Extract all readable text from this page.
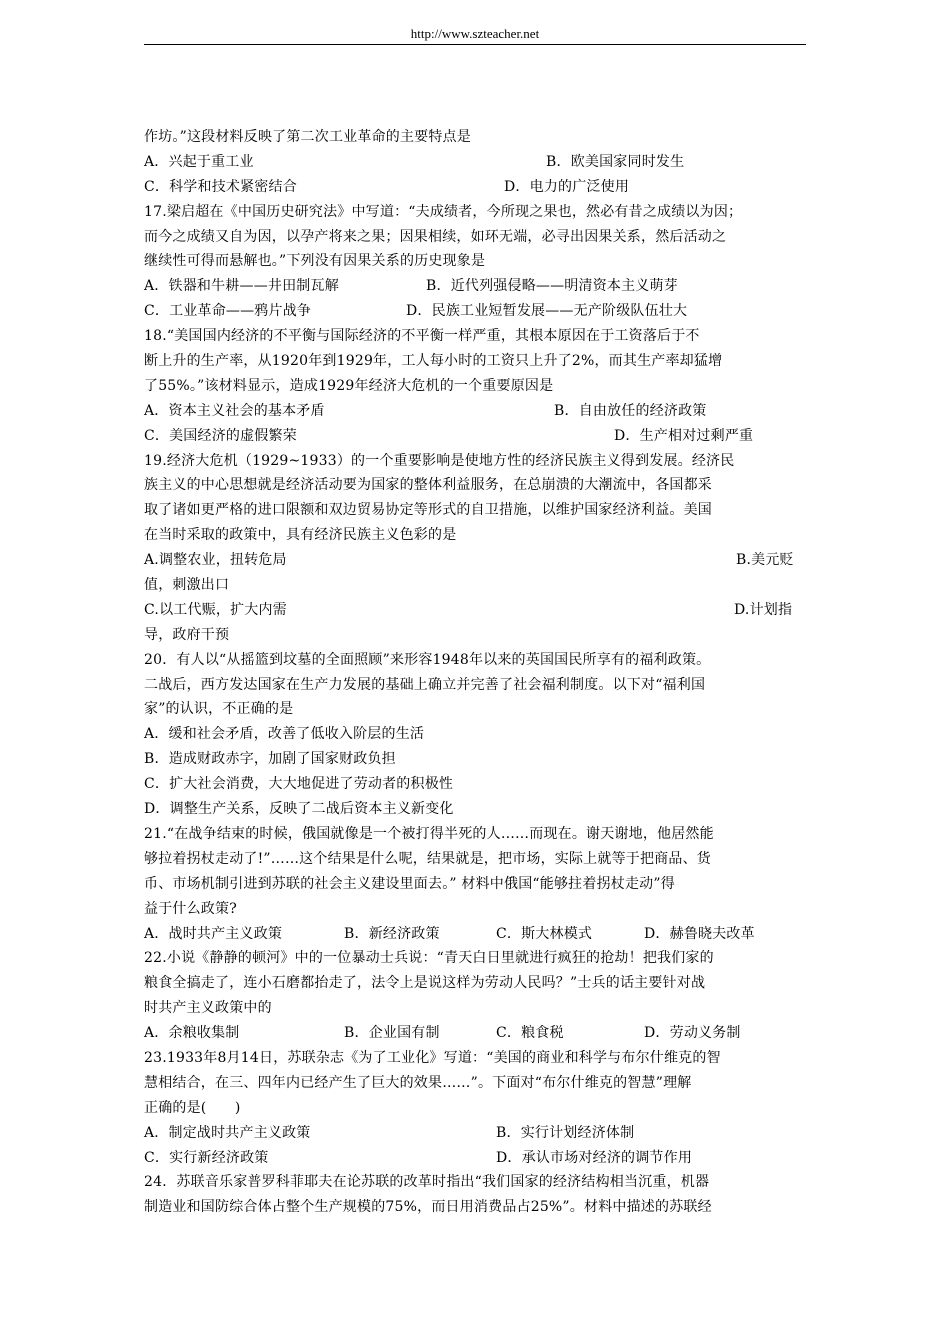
http://www.szteacher.net
作坊。”这段材料反映了第二次工业革命的主要特点是
A．兴起于重工业	B．欧美国家同时发生
C．科学和技术紧密结合	D．电力的广泛使用
17.梁启超在《中国历史研究法》中写道：“夫成绩者，今所现之果也，然必有昔之成绩以为因；
而今之成绩又自为因，以孕产将来之果；因果相续，如环无端，必寻出因果关系，然后活动之
继续性可得而悬解也。”下列没有因果关系的历史现象是
A．铁器和牛耕——井田制瓦解	B．近代列强侵略——明清资本主义萌芽
C．工业革命——鸦片战争	D．民族工业短暂发展——无产阶级队伍壮大
18.“美国国内经济的不平衡与国际经济的不平衡一样严重，其根本原因在于工资落后于不
断上升的生产率，从1920年到1929年，工人每小时的工资只上升了2%，而其生产率却猛增
了55%。”该材料显示，造成1929年经济大危机的一个重要原因是
A．资本主义社会的基本矛盾	B．自由放任的经济政策
C．美国经济的虚假繁荣	D．生产相对过剩严重
19.经济大危机（1929~1933）的一个重要影响是使地方性的经济民族主义得到发展。经济民
族主义的中心思想就是经济活动要为国家的整体利益服务，在总崩溃的大潮流中，各国都采
取了诸如更严格的进口限额和双边贸易协定等形式的自卫措施，以维护国家经济利益。美国
在当时采取的政策中，具有经济民族主义色彩的是
A.调整农业，扭转危局	B.美元贬
值，刺激出口
C.以工代赈，扩大内需	D.计划指
导，政府干预
20．有人以“从摇篮到坟墓的全面照顾”来形容1948年以来的英国国民所享有的福利政策。
二战后，西方发达国家在生产力发展的基础上确立并完善了社会福利制度。以下对“福利国
家”的认识，不正确的是
A．缓和社会矛盾，改善了低收入阶层的生活
B．造成财政赤字，加剧了国家财政负担
C．扩大社会消费，大大地促进了劳动者的积极性
D．调整生产关系，反映了二战后资本主义新变化
21.“在战争结束的时候，俄国就像是一个被打得半死的人……而现在。谢天谢地，他居然能
够拉着拐杖走动了!”……这个结果是什么呢，结果就是，把市场，实际上就等于把商品、货
币、市场机制引进到苏联的社会主义建设里面去。” 材料中俄国“能够拄着拐杖走动”得
益于什么政策?
A．战时共产主义政策	B．新经济政策	C．斯大林模式	D．赫鲁晓夫改革
22.小说《静静的顿河》中的一位暴动士兵说：“青天白日里就进行疯狂的抢劫！把我们家的
粮食全搞走了，连小石磨都抬走了，法令上是说这样为劳动人民吗？”士兵的话主要针对战
时共产主义政策中的
A．余粮收集制	B．企业国有制	C．粮食税	D．劳动义务制
23.1933年8月14日，苏联杂志《为了工业化》写道：“美国的商业和科学与布尔什维克的智
慧相结合，在三、四年内已经产生了巨大的效果……”。下面对“布尔什维克的智慧”理解
正确的是(　　)
A．制定战时共产主义政策	B．实行计划经济体制
C．实行新经济政策	D．承认市场对经济的调节作用
24．苏联音乐家普罗科菲耶夫在论苏联的改革时指出“我们国家的经济结构相当沉重，机器
制造业和国防综合体占整个生产规模的75%，而日用消费品占25%”。材料中描述的苏联经
